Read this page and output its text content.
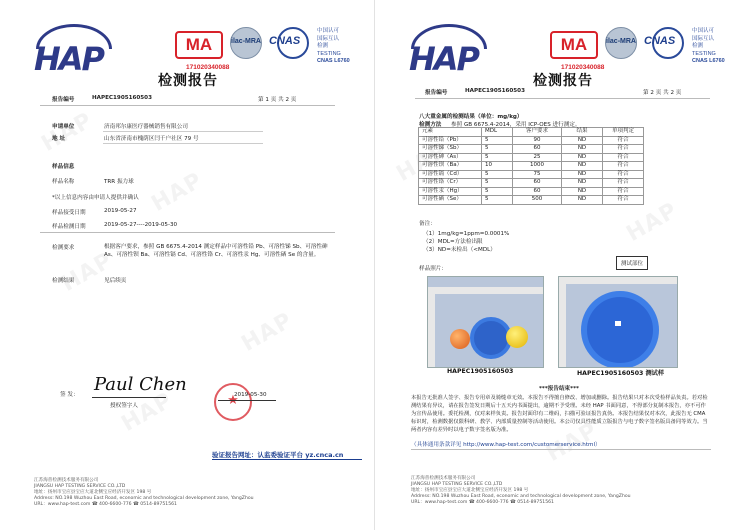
HAP	MA	ilac-MRA CNAS
中国认可
国际互认
检测
TESTING
CNAS L6760
171020340088
检测报告
报告编号	HAPEC1905160503	第 1 页 共 2 页
申请单位	济南邦尔康医疗器械销售有限公司
地 址	山东省济南市槐荫区闫千户社区 79 号
样品信息
样品名称	TRR 振力球
*以上信息内容由申请人提供并确认
样品接受日期	2019-05-27
样品检测日期	2019-05-27----2019-05-30
检测要求	根据客户要求，参照 GB 6675.4-2014 测定样品中可溶性铅 Pb、可溶性锑 Sb、可溶性砷 As、可溶性钡 Ba、可溶性镉 Cd、可溶性铬 Cr、可溶性汞 Hg、可溶性硒 Se 的含量。
检测结果	见后续页
签 发： Paul Chen
授权签字人
2019-05-30
验证报告网址：认监委验证平台 yz.cnca.cn
江苏海普检测技术服务有限公司
JIANGSU HAP TESTING SERVICE CO.,LTD
地址：扬州市宝应县宝应大道北侧宝应经济开发区 198 号
Address: NO.198 Wuzhou East Road, economic and technological development zone, YangZhou
URL：www.hap-test.com ☎ 400-6600-776 ☎ 0514-89751561
HAP	MA	ilac-MRA CNAS
中国认可
国际互认
检测
TESTING
CNAS L6760
171020340088
检测报告
报告编号	HAPEC1905160503	第 2 页 共 2 页
八大重金属的检测结果（单位：mg/kg）
检测方法 参照 GB 6675.4-2014，采用 ICP-OES 进行测定。
元素	MDL	客户要求	结果	单项判定
可溶性铅（Pb）	5	90	ND	符合
可溶性锑（Sb）	5	60	ND	符合
可溶性砷（As）	5	25	ND	符合
可溶性钡（Ba）	10	1000	ND	符合
可溶性镉（Cd）	5	75	ND	符合
可溶性铬（Cr）	5	60	ND	符合
可溶性汞（Hg）	5	60	ND	符合
可溶性硒（Se）	5	500	ND	符合
备注：
（1）1mg/kg=1ppm=0.0001%
（2）MDL=方法检出限
（3）ND=未检出（<MDL）
样品照片：
HAPEC1905160503
测试部位
HAPEC1905160503 测试样
***报告结束***
本报告无批准人签字、报告专用章及骑缝章无效。本报告不得擅自修改、增加或删除。报告结果只对本次受检样品负责。若对检测结果有异议，请在报告签发日期后十五天内书面提出，逾期不予受理。未经 HAP 书面同意，不得部分复制本报告，亦不可作为宣传品使用。委托检测，仅对来样负责。报告封面印有二维码，扫描可验证报告真伪。本报告结果仅对本次，此报告无 CMA 标识时，检测数据仅限科研、教学、内部质量控制等活动使用。本公司仅具性能质立版报告与电子数字签名版具备同等效力。当两者内容有差异时以电子数字签名版为准。
（具体通用条款详见 http://www.hap-test.com/customerservice.html）
江苏海普检测技术服务有限公司
JIANGSU HAP TESTING SERVICE CO.,LTD
地址：扬州市宝应县宝应大道北侧宝应经济开发区 198 号
Address: NO.198 Wuzhou East Road, economic and technological development zone, YangZhou
URL：www.hap-test.com ☎ 400-6600-776 ☎ 0514-89751561
